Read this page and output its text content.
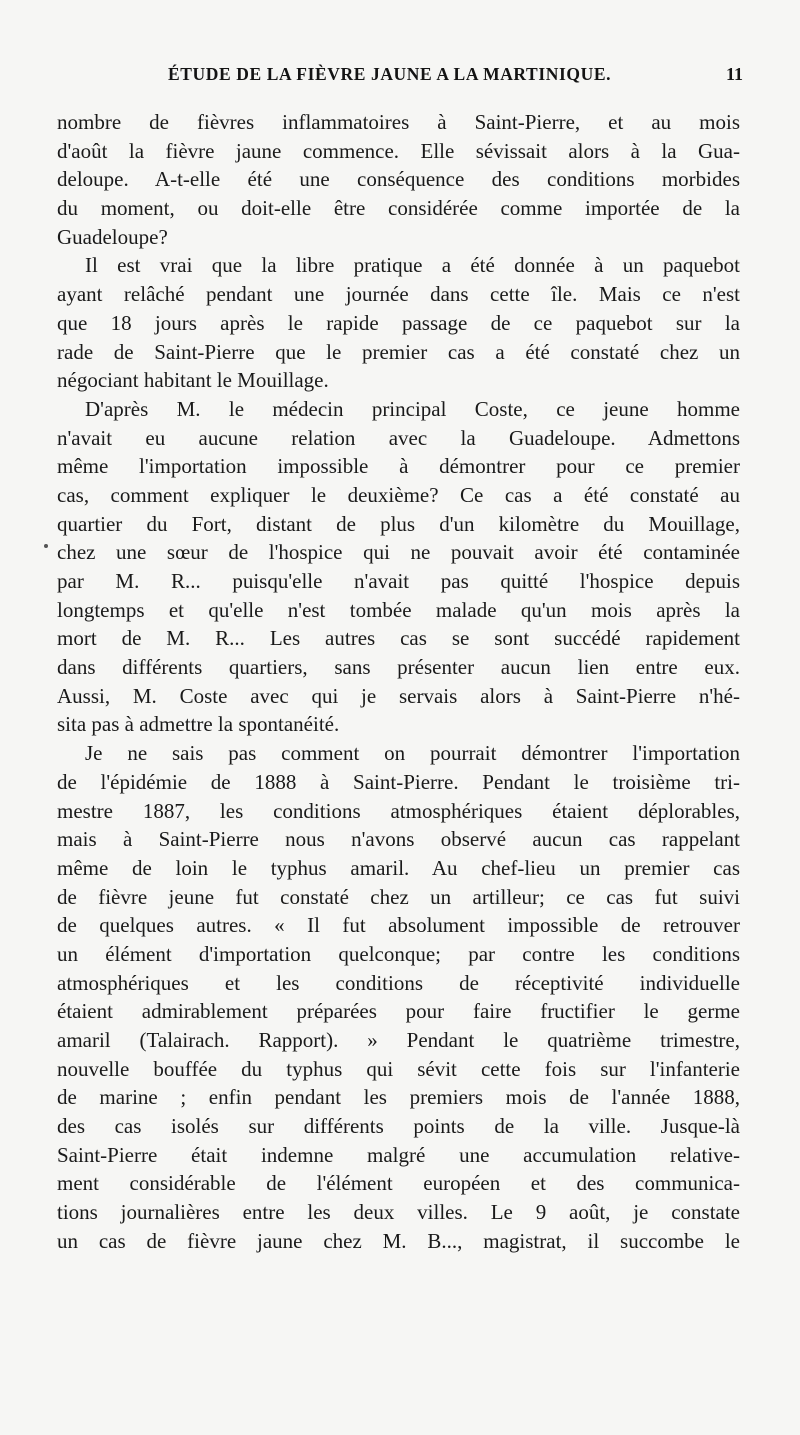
ÉTUDE DE LA FIÈVRE JAUNE A LA MARTINIQUE.	11
nombre de fièvres inflammatoires à Saint-Pierre, et au mois
d'août la fièvre jaune commence. Elle sévissait alors à la Gua-
deloupe. A-t-elle été une conséquence des conditions morbides
du moment, ou doit-elle être considérée comme importée de la
Guadeloupe?
Il est vrai que la libre pratique a été donnée à un paquebot
ayant relâché pendant une journée dans cette île. Mais ce n'est
que 18 jours après le rapide passage de ce paquebot sur la
rade de Saint-Pierre que le premier cas a été constaté chez un
négociant habitant le Mouillage.
D'après M. le médecin principal Coste, ce jeune homme
n'avait eu aucune relation avec la Guadeloupe. Admettons
même l'importation impossible à démontrer pour ce premier
cas, comment expliquer le deuxième? Ce cas a été constaté au
quartier du Fort, distant de plus d'un kilomètre du Mouillage,
chez une sœur de l'hospice qui ne pouvait avoir été contaminée
par M. R... puisqu'elle n'avait pas quitté l'hospice depuis
longtemps et qu'elle n'est tombée malade qu'un mois après la
mort de M. R... Les autres cas se sont succédé rapidement
dans différents quartiers, sans présenter aucun lien entre eux.
Aussi, M. Coste avec qui je servais alors à Saint-Pierre n'hé-
sita pas à admettre la spontanéité.
Je ne sais pas comment on pourrait démontrer l'importation
de l'épidémie de 1888 à Saint-Pierre. Pendant le troisième tri-
mestre 1887, les conditions atmosphériques étaient déplorables,
mais à Saint-Pierre nous n'avons observé aucun cas rappelant
même de loin le typhus amaril. Au chef-lieu un premier cas
de fièvre jeune fut constaté chez un artilleur; ce cas fut suivi
de quelques autres. « Il fut absolument impossible de retrouver
un élément d'importation quelconque; par contre les conditions
atmosphériques et les conditions de réceptivité individuelle
étaient admirablement préparées pour faire fructifier le germe
amaril (Talairach. Rapport). » Pendant le quatrième trimestre,
nouvelle bouffée du typhus qui sévit cette fois sur l'infanterie
de marine ; enfin pendant les premiers mois de l'année 1888,
des cas isolés sur différents points de la ville. Jusque-là
Saint-Pierre était indemne malgré une accumulation relative-
ment considérable de l'élément européen et des communica-
tions journalières entre les deux villes. Le 9 août, je constate
un cas de fièvre jaune chez M. B..., magistrat, il succombe le
